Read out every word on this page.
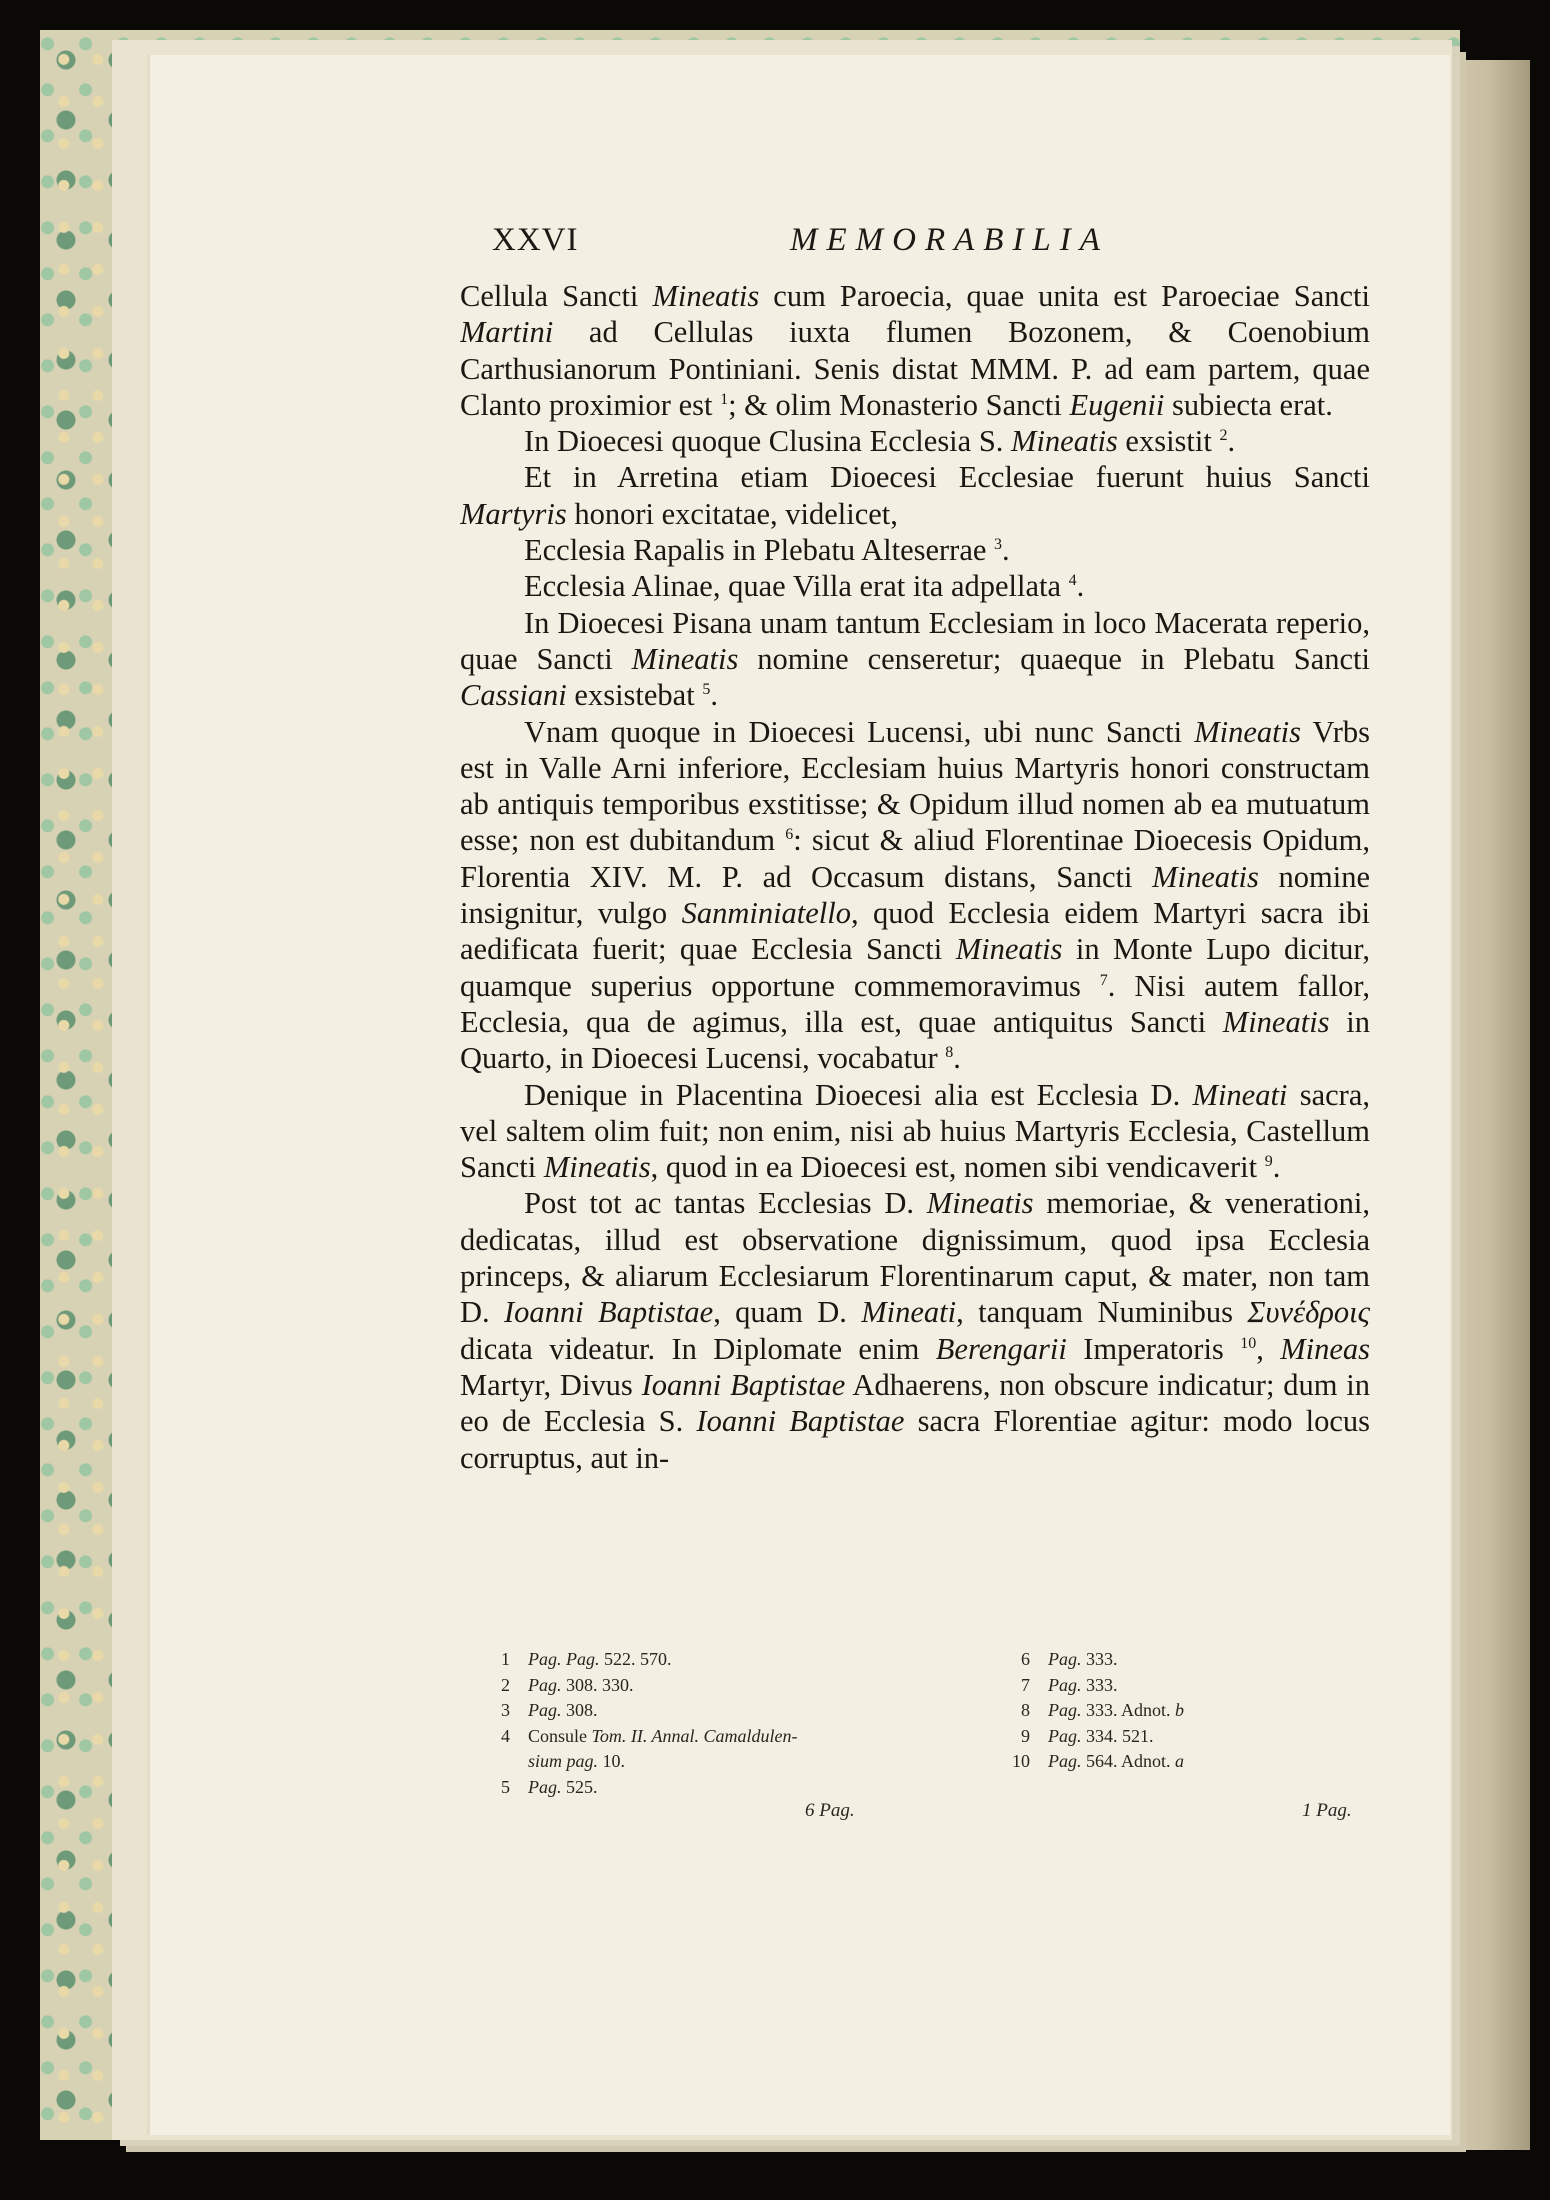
XXVI	MEMORABILIA

Cellula Sancti Mineatis cum Paroecia, quae unita est Paroeciae Sancti Martini ad Cellulas iuxta flumen Bozonem, & Coenobium Carthusianorum Pontiniani. Senis distat MMM. P. ad eam partem, quae Clanto proximior est $^1$; & olim Monasterio Sancti Eugenii subiecta erat.

In Dioecesi quoque Clusina Ecclesia S. Mineatis exsistit $^2$.

Et in Arretina etiam Dioecesi Ecclesiae fuerunt huius Sancti Martyris honori excitatae, videlicet,

Ecclesia Rapalis in Plebatu Alteserrae $^3$.

Ecclesia Alinae, quae Villa erat ita adpellata $^4$.

In Dioecesi Pisana unam tantum Ecclesiam in loco Macerata reperio, quae Sancti Mineatis nomine censeretur; quaeque in Plebatu Sancti Cassiani exsistebat $^5$.

Vnam quoque in Dioecesi Lucensi, ubi nunc Sancti Mineatis Vrbs est in Valle Arni inferiore, Ecclesiam huius Martyris honori constructam ab antiquis temporibus exstitisse; & Opidum illud nomen ab ea mutuatum esse; non est dubitandum $^6$: sicut & aliud Florentinae Dioecesis Opidum, Florentia XIV. M. P. ad Occasum distans, Sancti Mineatis nomine insignitur, vulgo Sanminiatello, quod Ecclesia eidem Martyri sacra ibi aedificata fuerit; quae Ecclesia Sancti Mineatis in Monte Lupo dicitur, quamque superius opportune commemoravimus $^7$. Nisi autem fallor, Ecclesia, qua de agimus, illa est, quae antiquitus Sancti Mineatis in Quarto, in Dioecesi Lucensi, vocabatur $^8$.

Denique in Placentina Dioecesi alia est Ecclesia D. Mineati sacra, vel saltem olim fuit; non enim, nisi ab huius Martyris Ecclesia, Castellum Sancti Mineatis, quod in ea Dioecesi est, nomen sibi vendicaverit $^9$.

Post tot ac tantas Ecclesias D. Mineatis memoriae, & venerationi, dedicatas, illud est observatione dignissimum, quod ipsa Ecclesia princeps, & aliarum Ecclesiarum Florentinarum caput, & mater, non tam D. Ioanni Baptistae, quam D. Mineati, tanquam Numinibus Συνέδροις dicata videatur. In Diplomate enim Berengarii Imperatoris $^{10}$, Mineas Martyr, Divus Ioanni Baptistae Adhaerens, non obscure indicatur; dum in eo de Ecclesia S. Ioanni Baptistae sacra Florentiae agitur: modo locus corruptus, aut in-

1 Pag. Pag. 522. 570.
2 Pag. 308. 330.
3 Pag. 308.
4 Consule Tom. II. Annal. Camaldulen-
sium pag. 10.
5 Pag. 525.
6 Pag. 333.
7 Pag. 333.
8 Pag. 333. Adnot. b
9 Pag. 334. 521.
10 Pag. 564. Adnot. a
6 Pag.	1 Pag.
